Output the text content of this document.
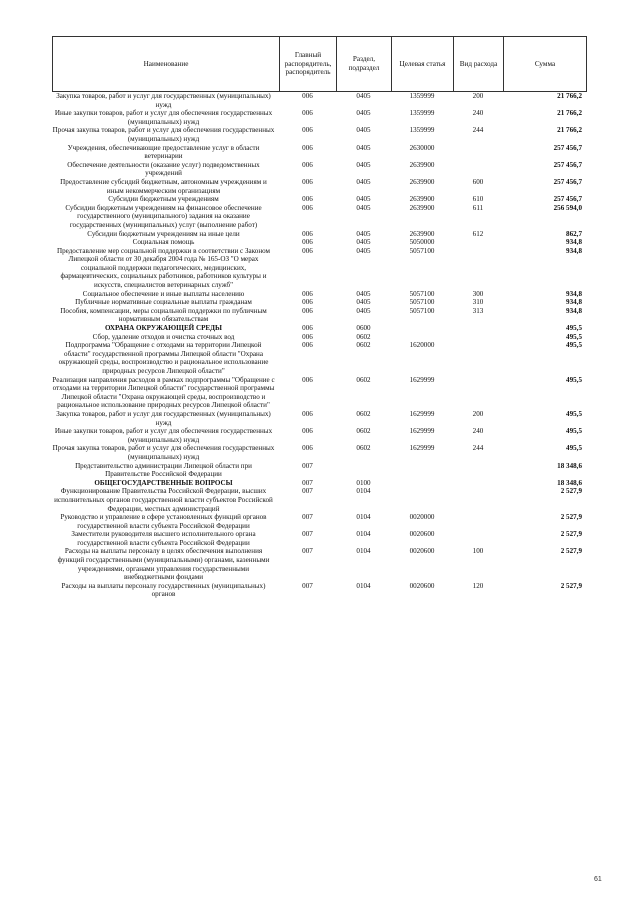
Наименование	Главный распорядитель, распорядитель	Раздел, подраздел	Целевая статья	Вид расхода	Сумма
Закупка товаров, работ и услуг для государственных (муниципальных) нужд	006	0405	1359999	200	21 766,2
Иные закупки товаров, работ и услуг для обеспечения государственных (муниципальных) нужд	006	0405	1359999	240	21 766,2
Прочая закупка товаров, работ и услуг для обеспечения государственных (муниципальных) нужд	006	0405	1359999	244	21 766,2
Учреждения, обеспечивающие предоставление услуг в области ветеринарии	006	0405	2630000		257 456,7
Обеспечение деятельности (оказание услуг) подведомственных учреждений	006	0405	2639900		257 456,7
Предоставление субсидий бюджетным, автономным учреждениям и иным некоммерческим организациям	006	0405	2639900	600	257 456,7
Субсидии бюджетным учреждениям	006	0405	2639900	610	257 456,7
Субсидии бюджетным учреждениям на финансовое обеспечение государственного (муниципального) задания на оказание государственных (муниципальных) услуг (выполнение работ)	006	0405	2639900	611	256 594,0
Субсидии бюджетным учреждениям на иные цели	006	0405	2639900	612	862,7
Социальная помощь	006	0405	5050000		934,8
Предоставление мер социальной поддержки в соответствии с Законом Липецкой области от 30 декабря 2004 года № 165-ОЗ "О мерах социальной поддержки педагогических, медицинских, фармацевтических, социальных работников, работников культуры и искусств, специалистов ветеринарных служб"	006	0405	5057100		934,8
Социальное обеспечение и иные выплаты населению	006	0405	5057100	300	934,8
Публичные нормативные социальные выплаты гражданам	006	0405	5057100	310	934,8
Пособия, компенсации, меры социальной поддержки по публичным нормативным обязательствам	006	0405	5057100	313	934,8
ОХРАНА ОКРУЖАЮЩЕЙ СРЕДЫ	006	0600			495,5
Сбор, удаление отходов и очистка сточных вод	006	0602			495,5
Подпрограмма "Обращение с отходами на территории Липецкой области" государственной программы Липецкой области "Охрана окружающей среды, воспроизводство и рациональное использование природных ресурсов Липецкой области"	006	0602	1620000		495,5
Реализация направления расходов в рамках подпрограммы "Обращение с отходами на территории Липецкой области" государственной программы Липецкой области "Охрана окружающей среды, воспроизводство и рациональное использование природных ресурсов Липецкой области"	006	0602	1629999		495,5
Закупка товаров, работ и услуг для государственных (муниципальных) нужд	006	0602	1629999	200	495,5
Иные закупки товаров, работ и услуг для обеспечения государственных (муниципальных) нужд	006	0602	1629999	240	495,5
Прочая закупка товаров, работ и услуг для обеспечения государственных (муниципальных) нужд	006	0602	1629999	244	495,5
Представительство администрации Липецкой области при Правительстве Российской Федерации	007				18 348,6
ОБЩЕГОСУДАРСТВЕННЫЕ ВОПРОСЫ	007	0100			18 348,6
Функционирование Правительства Российской Федерации, высших исполнительных органов государственной власти субъектов Российской Федерации, местных администраций	007	0104			2 527,9
Руководство и управление в сфере установленных функций органов государственной власти субъекта Российской Федерации	007	0104	0020000		2 527,9
Заместители руководителя высшего исполнительного органа государственной власти субъекта Российской Федерации	007	0104	0020600		2 527,9
Расходы на выплаты персоналу в целях обеспечения выполнения функций государственными (муниципальными) органами, казенными учреждениями, органами управления государственными внебюджетными фондами	007	0104	0020600	100	2 527,9
Расходы на выплаты персоналу государственных (муниципальных) органов	007	0104	0020600	120	2 527,9
61
